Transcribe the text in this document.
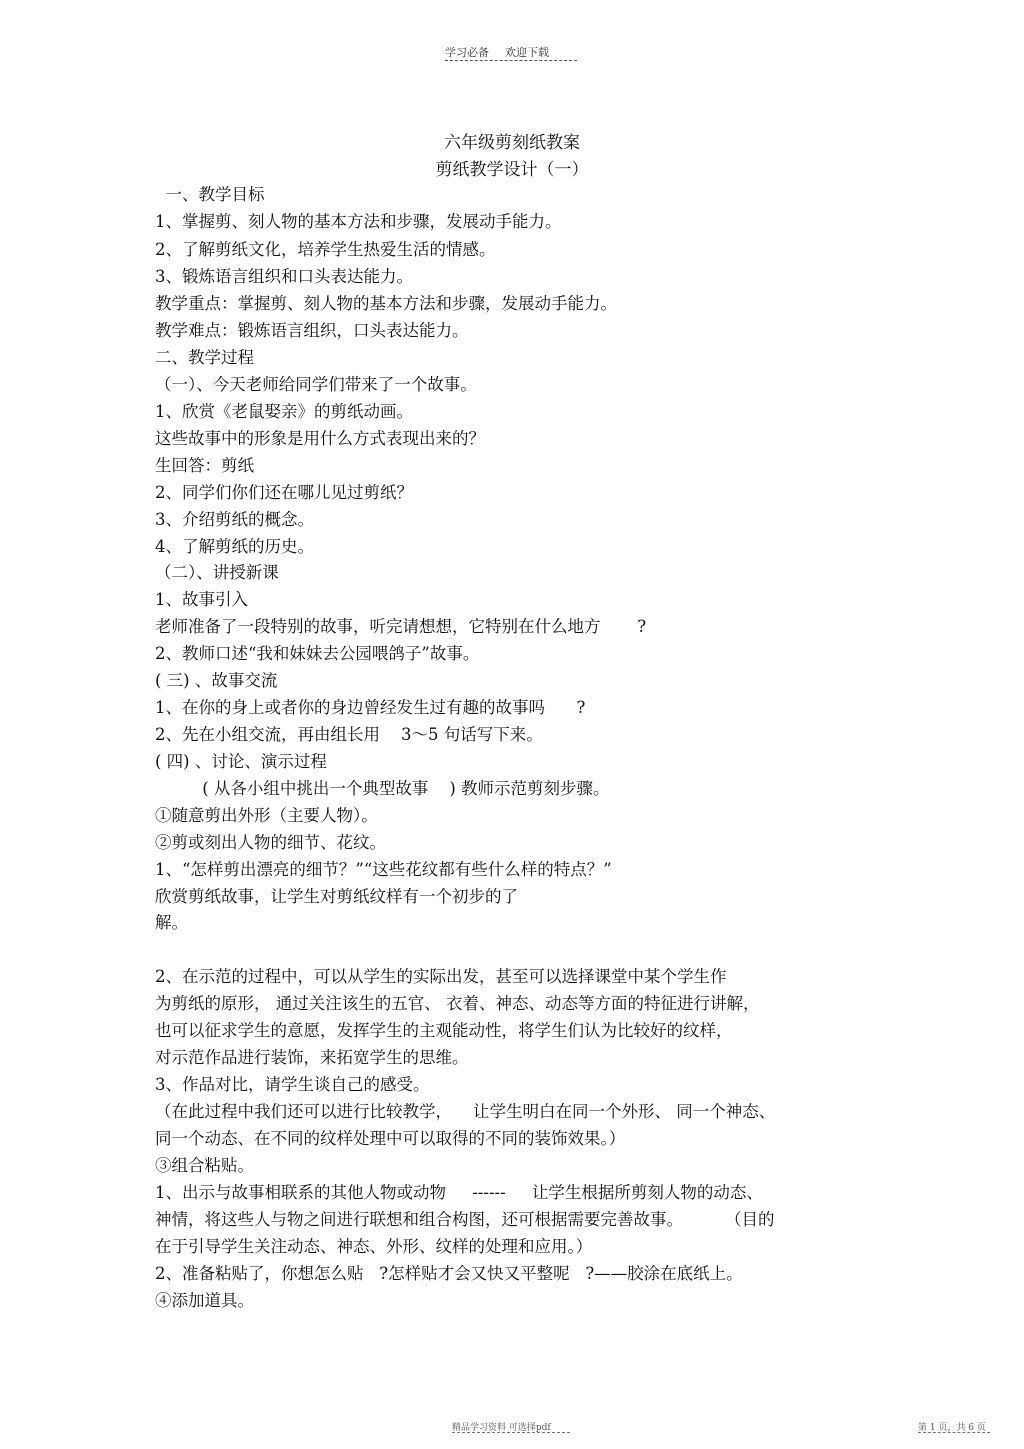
学习必备 欢迎下载
六年级剪刻纸教案
剪纸教学设计（一）
一、教学目标
1、掌握剪、刻人物的基本方法和步骤，发展动手能力。
2、了解剪纸文化，培养学生热爱生活的情感。
3、锻炼语言组织和口头表达能力。
教学重点：掌握剪、刻人物的基本方法和步骤，发展动手能力。
教学难点：锻炼语言组织，口头表达能力。
二、教学过程
（一）、今天老师给同学们带来了一个故事。
1、欣赏《老鼠娶亲》的剪纸动画。
这些故事中的形象是用什么方式表现出来的？
生回答：剪纸
2、同学们你们还在哪儿见过剪纸？
3、介绍剪纸的概念。
4、了解剪纸的历史。
（二）、讲授新课
1、故事引入
老师准备了一段特别的故事，听完请想想，它特别在什么地方       ?
2、教师口述“我和妹妹去公园喂鸽子”故事。
( 三) 、故事交流
1、在你的身上或者你的身边曾经发生过有趣的故事吗      ?
2、先在小组交流，再由组长用    3～5 句话写下来。
( 四) 、讨论、演示过程
( 从各小组中挑出一个典型故事    ) 教师示范剪刻步骤。
①随意剪出外形（主要人物）。
②剪或刻出人物的细节、花纹。
1、“怎样剪出漂亮的细节？”“这些花纹都有些什么样的特点？”
欣赏剪纸故事，让学生对剪纸纹样有一个初步的了
解。
2、在示范的过程中，可以从学生的实际出发，甚至可以选择课堂中某个学生作
为剪纸的原形， 通过关注该生的五官、 衣着、神态、动态等方面的特征进行讲解，
也可以征求学生的意愿，发挥学生的主观能动性，将学生们认为比较好的纹样，
对示范作品进行装饰，来拓宽学生的思维。
3、作品对比，请学生谈自己的感受。
（在此过程中我们还可以进行比较教学，    让学生明白在同一个外形、 同一个神态、
同一个动态、在不同的纹样处理中可以取得的不同的装饰效果。）
③组合粘贴。
1、出示与故事相联系的其他人物或动物     ------     让学生根据所剪刻人物的动态、
神情，将这些人与物之间进行联想和组合构图，还可根据需要完善故事。        （目的
在于引导学生关注动态、神态、外形、纹样的处理和应用。）
2、准备粘贴了，你想怎么贴   ?怎样贴才会又快又平整呢   ?——胶涂在底纸上。
④添加道具。
精品学习资料 可选择pdf	第 1 页，共 6 页
